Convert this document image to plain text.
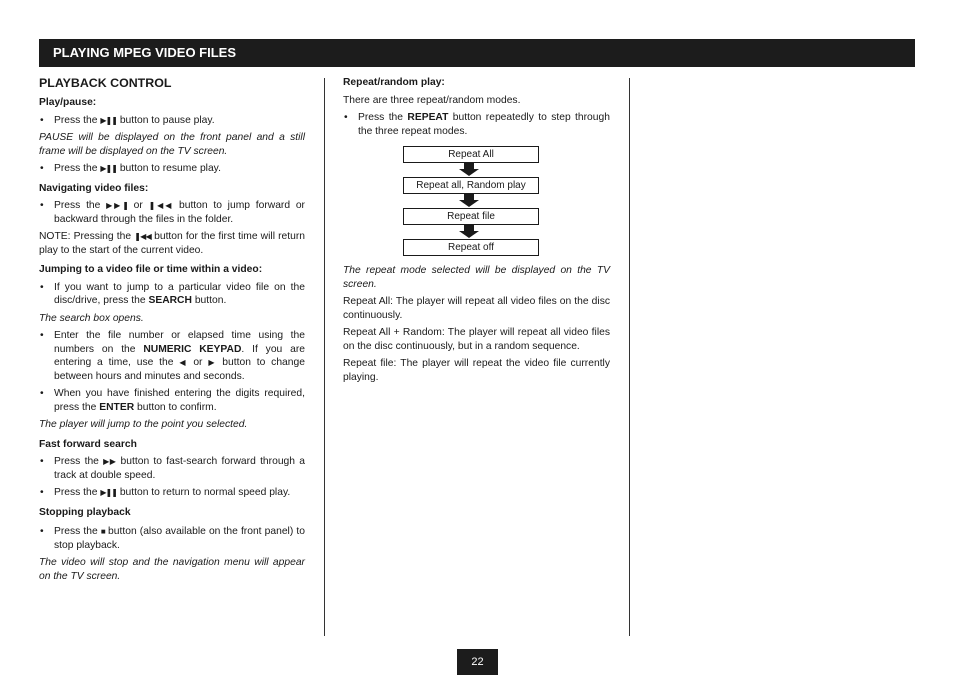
PLAYING MPEG VIDEO FILES
PLAYBACK CONTROL
Play/pause:
• Press the ▶❚❚ button to pause play.

PAUSE will be displayed on the front panel and a still frame will be displayed on the TV screen.

• Press the ▶❚❚ button to resume play.
Navigating video files:
• Press the ▶▶❚ or ❚◀◀ button to jump forward or backward through the files in the folder.

NOTE: Pressing the ❚◀◀ button for the first time will return play to the start of the current video.

Jumping to a video file or time within a video:
• If you want to jump to a particular video file on the disc/drive, press the SEARCH button.

The search box opens.

• Enter the file number or elapsed time using the numbers on the NUMERIC KEYPAD. If you are entering a time, use the ◀ or ▶ button to change between hours and minutes and seconds.
• When you have finished entering the digits required, press the ENTER button to confirm.

The player will jump to the point you selected.

Fast forward search
• Press the ▶▶ button to fast-search forward through a track at double speed.
• Press the ▶❚❚ button to return to normal speed play.
Stopping playback
• Press the ■ button (also available on the front panel) to stop playback.

The video will stop and the navigation menu will appear on the TV screen.

Repeat/random play:

There are three repeat/random modes.

• Press the REPEAT button repeatedly to step through the three repeat modes.
Repeat All
Repeat all, Random play
Repeat file
Repeat off

The repeat mode selected will be displayed on the TV screen.

Repeat All: The player will repeat all video files on the disc continuously.

Repeat All + Random: The player will repeat all video files on the disc continuously, but in a random sequence.

Repeat file: The player will repeat the video file currently playing.

22
